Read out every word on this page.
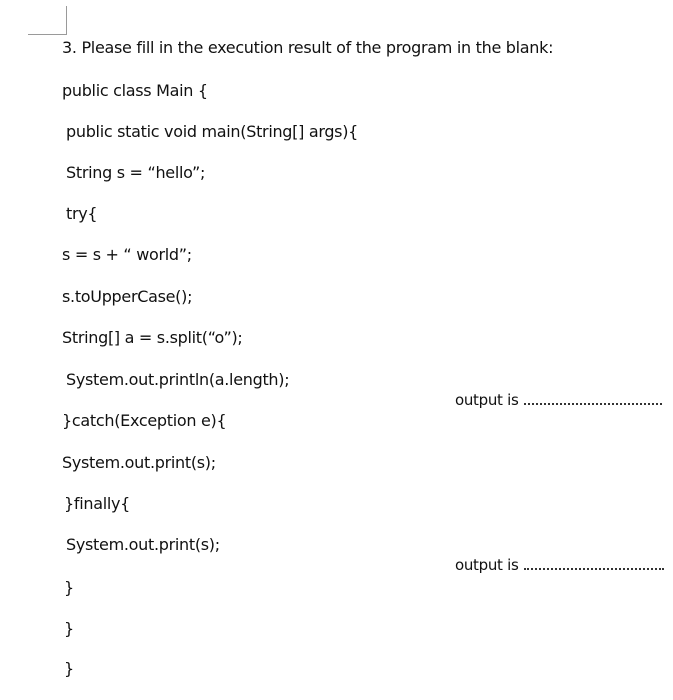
3. Please fill in the execution result of the program in the blank:
public class Main {
public static void main(String[] args){
String s = “hello”;
try{
s = s + “ world”;
s.toUpperCase();
String[] a = s.split(“o”);
System.out.println(a.length);
}catch(Exception e){
System.out.print(s);
}finally{
System.out.print(s);
}
}
}

output is

output is
